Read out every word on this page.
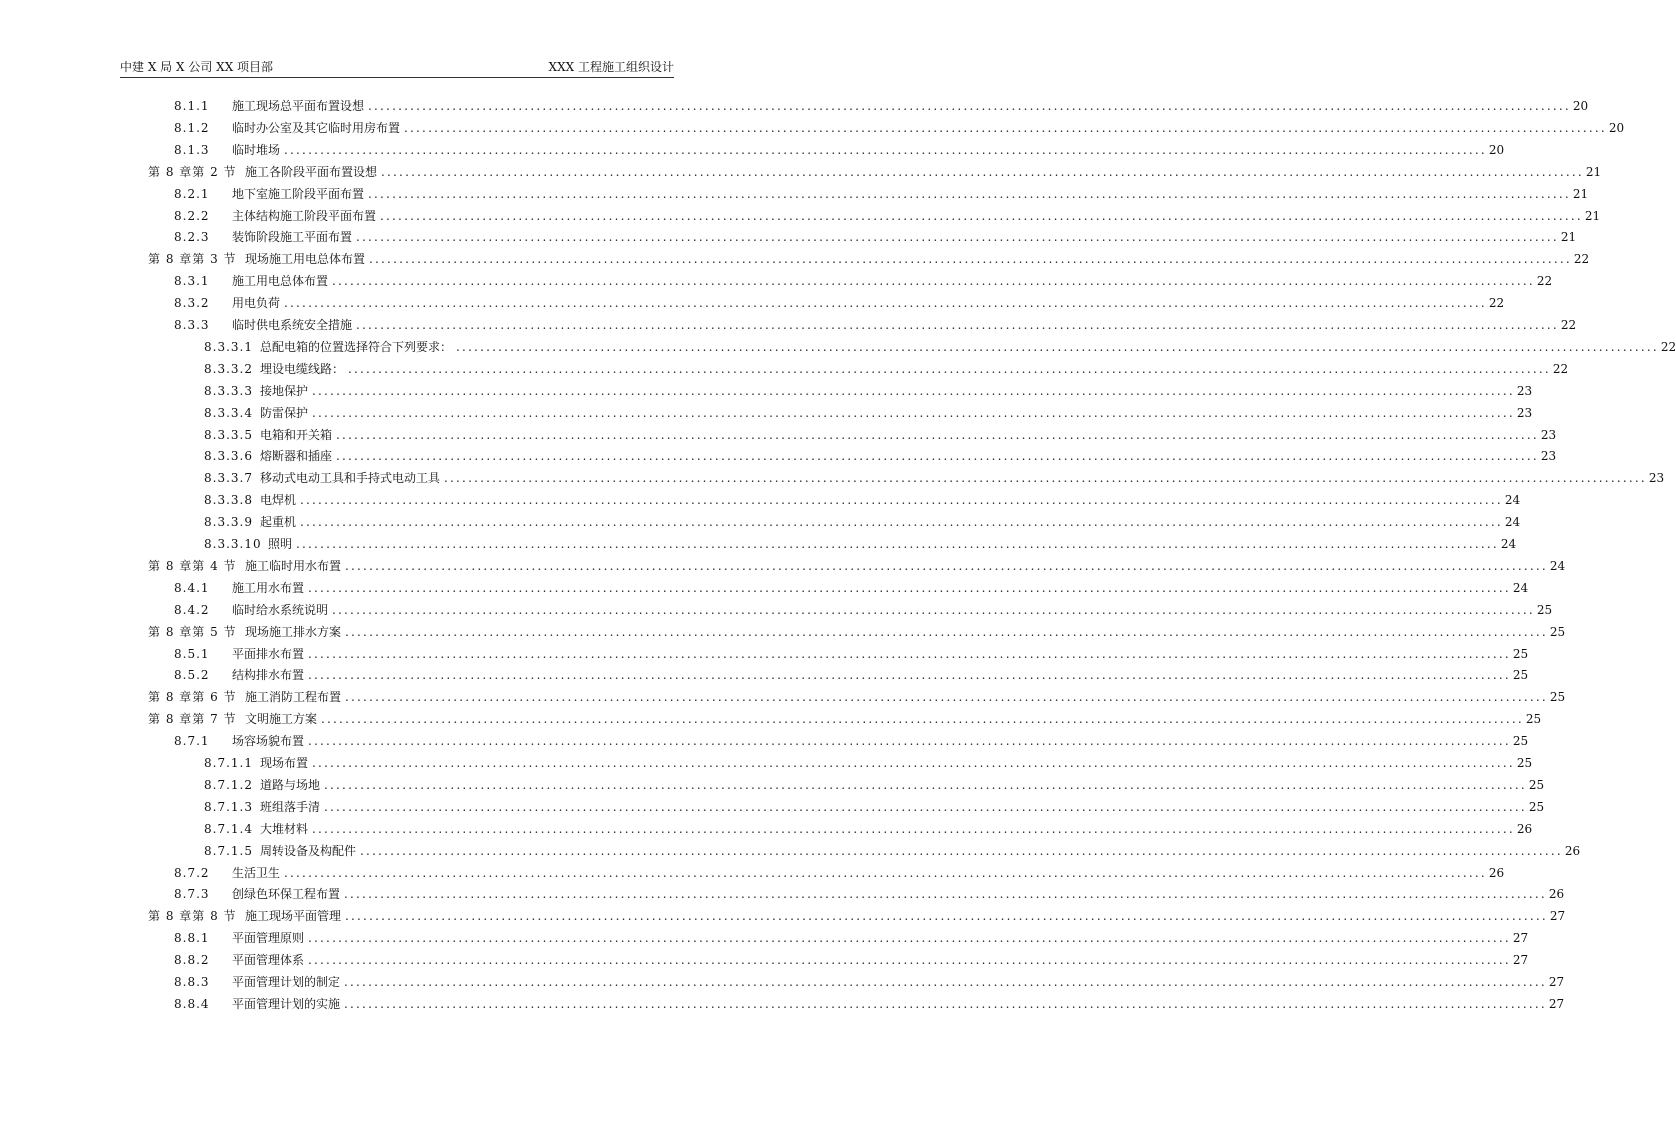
中建 X 局 X 公司 XX 项目部	XXX 工程施工组织设计
8.1.1 施工现场总平面布置设想 ........................................................................................................................................................................................................ 20
8.1.2 临时办公室及其它临时用房布置 ........................................................................................................................................................................................................ 20
8.1.3 临时堆场 ........................................................................................................................................................................................................ 20
第 8 章第 2 节 施工各阶段平面布置设想 ........................................................................................................................................................................................................ 21
8.2.1 地下室施工阶段平面布置 ........................................................................................................................................................................................................ 21
8.2.2 主体结构施工阶段平面布置 ........................................................................................................................................................................................................ 21
8.2.3 装饰阶段施工平面布置 ........................................................................................................................................................................................................ 21
第 8 章第 3 节 现场施工用电总体布置 ........................................................................................................................................................................................................ 22
8.3.1 施工用电总体布置 ........................................................................................................................................................................................................ 22
8.3.2 用电负荷 ........................................................................................................................................................................................................ 22
8.3.3 临时供电系统安全措施 ........................................................................................................................................................................................................ 22
8.3.3.1 总配电箱的位置选择符合下列要求： ........................................................................................................................................................................................................ 22
8.3.3.2 埋设电缆线路： ........................................................................................................................................................................................................ 22
8.3.3.3 接地保护 ........................................................................................................................................................................................................ 23
8.3.3.4 防雷保护 ........................................................................................................................................................................................................ 23
8.3.3.5 电箱和开关箱 ........................................................................................................................................................................................................ 23
8.3.3.6 熔断器和插座 ........................................................................................................................................................................................................ 23
8.3.3.7 移动式电动工具和手持式电动工具 ........................................................................................................................................................................................................ 23
8.3.3.8 电焊机 ........................................................................................................................................................................................................ 24
8.3.3.9 起重机 ........................................................................................................................................................................................................ 24
8.3.3.10 照明 ........................................................................................................................................................................................................ 24
第 8 章第 4 节 施工临时用水布置 ........................................................................................................................................................................................................ 24
8.4.1 施工用水布置 ........................................................................................................................................................................................................ 24
8.4.2 临时给水系统说明 ........................................................................................................................................................................................................ 25
第 8 章第 5 节 现场施工排水方案 ........................................................................................................................................................................................................ 25
8.5.1 平面排水布置 ........................................................................................................................................................................................................ 25
8.5.2 结构排水布置 ........................................................................................................................................................................................................ 25
第 8 章第 6 节 施工消防工程布置 ........................................................................................................................................................................................................ 25
第 8 章第 7 节 文明施工方案 ........................................................................................................................................................................................................ 25
8.7.1 场容场貌布置 ........................................................................................................................................................................................................ 25
8.7.1.1 现场布置 ........................................................................................................................................................................................................ 25
8.7.1.2 道路与场地 ........................................................................................................................................................................................................ 25
8.7.1.3 班组落手清 ........................................................................................................................................................................................................ 25
8.7.1.4 大堆材料 ........................................................................................................................................................................................................ 26
8.7.1.5 周转设备及构配件 ........................................................................................................................................................................................................ 26
8.7.2 生活卫生 ........................................................................................................................................................................................................ 26
8.7.3 创绿色环保工程布置 ........................................................................................................................................................................................................ 26
第 8 章第 8 节 施工现场平面管理 ........................................................................................................................................................................................................ 27
8.8.1 平面管理原则 ........................................................................................................................................................................................................ 27
8.8.2 平面管理体系 ........................................................................................................................................................................................................ 27
8.8.3 平面管理计划的制定 ........................................................................................................................................................................................................ 27
8.8.4 平面管理计划的实施 ........................................................................................................................................................................................................ 27
